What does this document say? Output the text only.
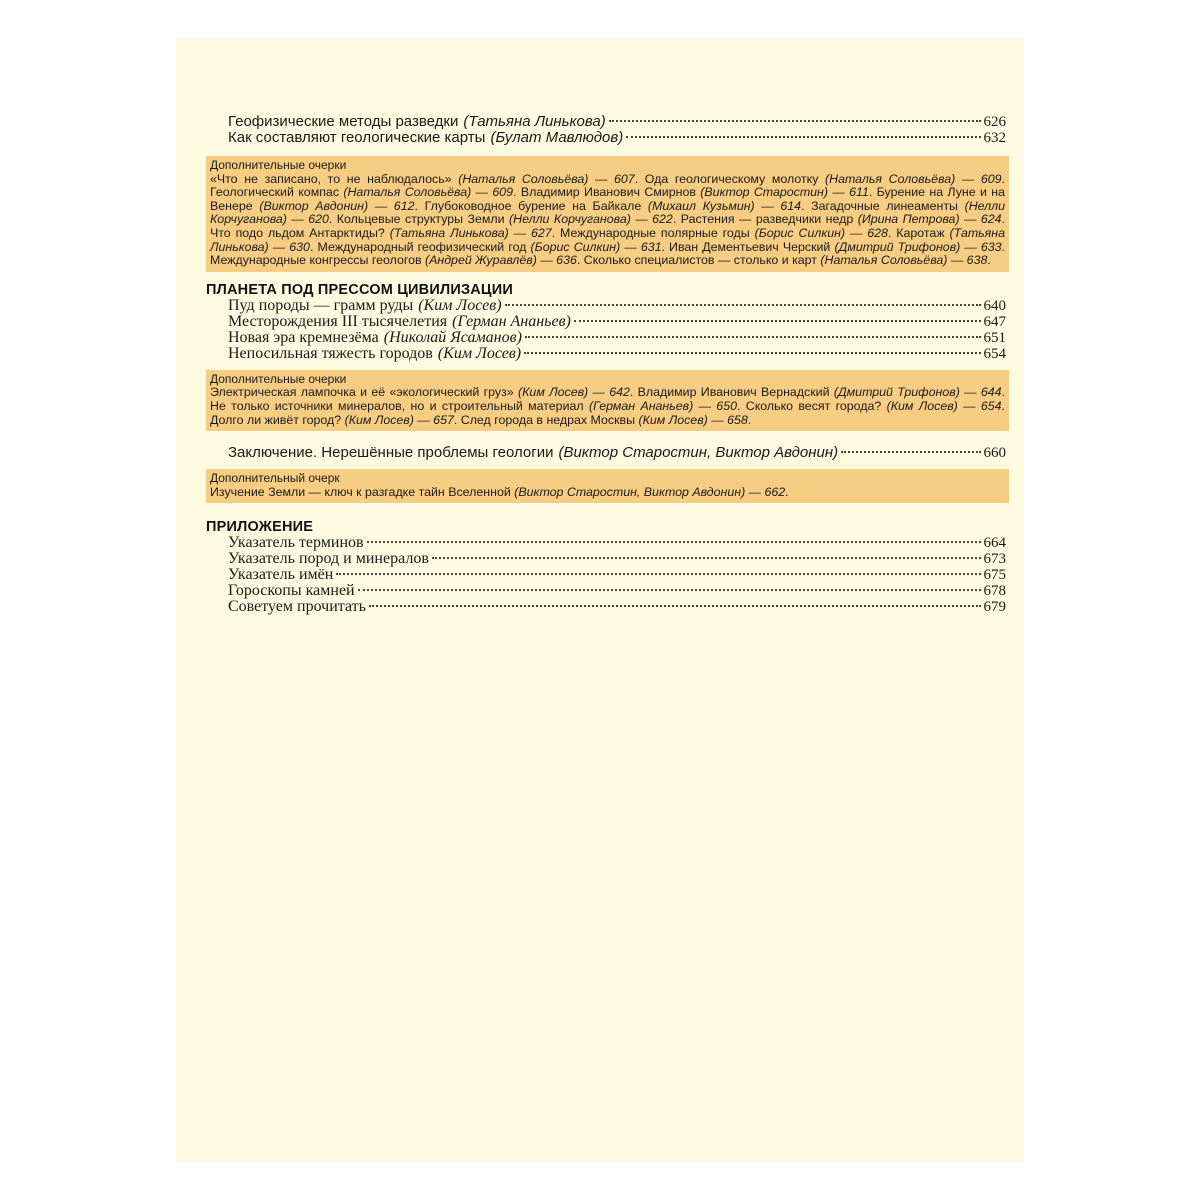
Геофизические методы разведки (Татьяна Линькова)	626
Как составляют геологические карты (Булат Мавлюдов)	632
Дополнительные очерки
«Что не записано, то не наблюдалось» (Наталья Соловьёва) — 607. Ода геологическому молотку (Наталья Соловьёва) — 609. Геологический компас (Наталья Соловьёва) — 609. Владимир Иванович Смирнов (Виктор Старостин) — 611. Бурение на Луне и на Венере (Виктор Авдонин) — 612. Глубоководное бурение на Байкале (Михаил Кузьмин) — 614. Загадочные линеаменты (Нелли Корчуганова) — 620. Кольцевые структуры Земли (Нелли Корчуганова) — 622. Растения — разведчики недр (Ирина Петрова) — 624. Что подо льдом Антарктиды? (Татьяна Линькова) — 627. Международные полярные годы (Борис Силкин) — 628. Каротаж (Татьяна Линькова) — 630. Международный геофизический год (Борис Силкин) — 631. Иван Дементьевич Черский (Дмитрий Трифонов) — 633. Международные конгрессы геологов (Андрей Журавлёв) — 636. Сколько специалистов — столько и карт (Наталья Соловьёва) — 638.
ПЛАНЕТА ПОД ПРЕССОМ ЦИВИЛИЗАЦИИ
Пуд породы — грамм руды (Ким Лосев)	640
Месторождения III тысячелетия (Герман Ананьев)	647
Новая эра кремнезёма (Николай Ясаманов)	651
Непосильная тяжесть городов (Ким Лосев)	654
Дополнительные очерки
Электрическая лампочка и её «экологический груз» (Ким Лосев) — 642. Владимир Иванович Вернадский (Дмитрий Трифонов) — 644. Не только источники минералов, но и строительный материал (Герман Ананьев) — 650. Сколько весят города? (Ким Лосев) — 654. Долго ли живёт город? (Ким Лосев) — 657. След города в недрах Москвы (Ким Лосев) — 658.
Заключение. Нерешённые проблемы геологии (Виктор Старостин, Виктор Авдонин)	660
Дополнительный очерк
Изучение Земли — ключ к разгадке тайн Вселенной (Виктор Старостин, Виктор Авдонин) — 662.
ПРИЛОЖЕНИЕ
Указатель терминов	664
Указатель пород и минералов	673
Указатель имён	675
Гороскопы камней	678
Советуем прочитать	679
